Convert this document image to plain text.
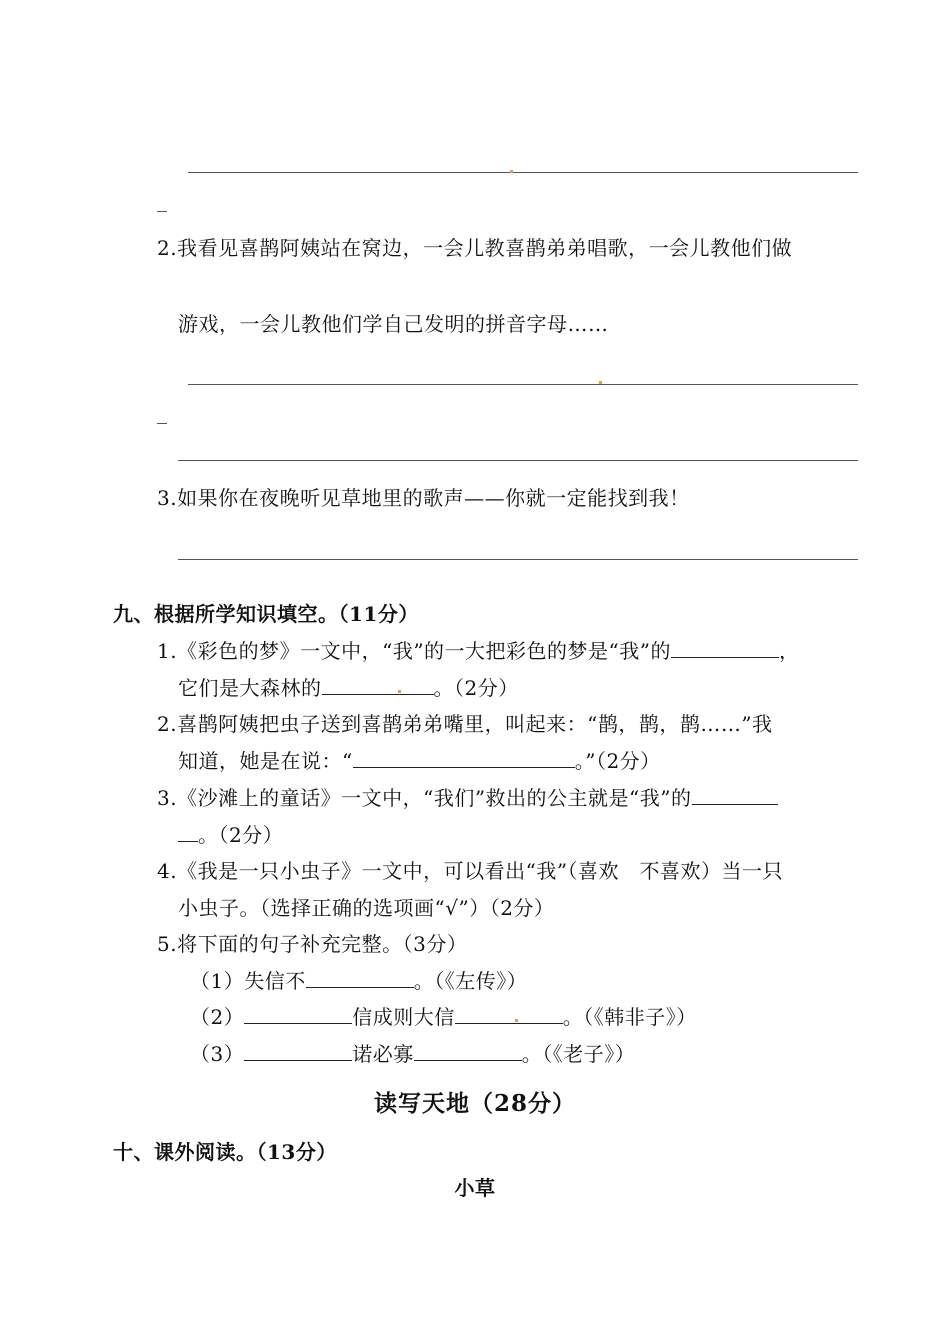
2.我看见喜鹊阿姨站在窝边，一会儿教喜鹊弟弟唱歌，一会儿教他们做
游戏，一会儿教他们学自己发明的拼音字母……
3.如果你在夜晚听见草地里的歌声——你就一定能找到我！
九、根据所学知识填空。（11分）
1.《彩色的梦》一文中，“我”的一大把彩色的梦是“我”的	，
它们是大森林的	。（2分）
2.喜鹊阿姨把虫子送到喜鹊弟弟嘴里，叫起来：“鹊，鹊，鹊……”我
知道，她是在说：“	。”（2分）
3.《沙滩上的童话》一文中，“我们”救出的公主就是“我”的
。（2分）
4.《我是一只小虫子》一文中，可以看出“我”（喜欢　不喜欢）当一只
小虫子。（选择正确的选项画“√”）（2分）
5.将下面的句子补充完整。（3分）
（1）失信不	。（《左传》）
（2）	信成则大信	。（《韩非子》）
（3）	诺必寡	。（《老子》）
读写天地（28分）
十、课外阅读。（13分）
小草
